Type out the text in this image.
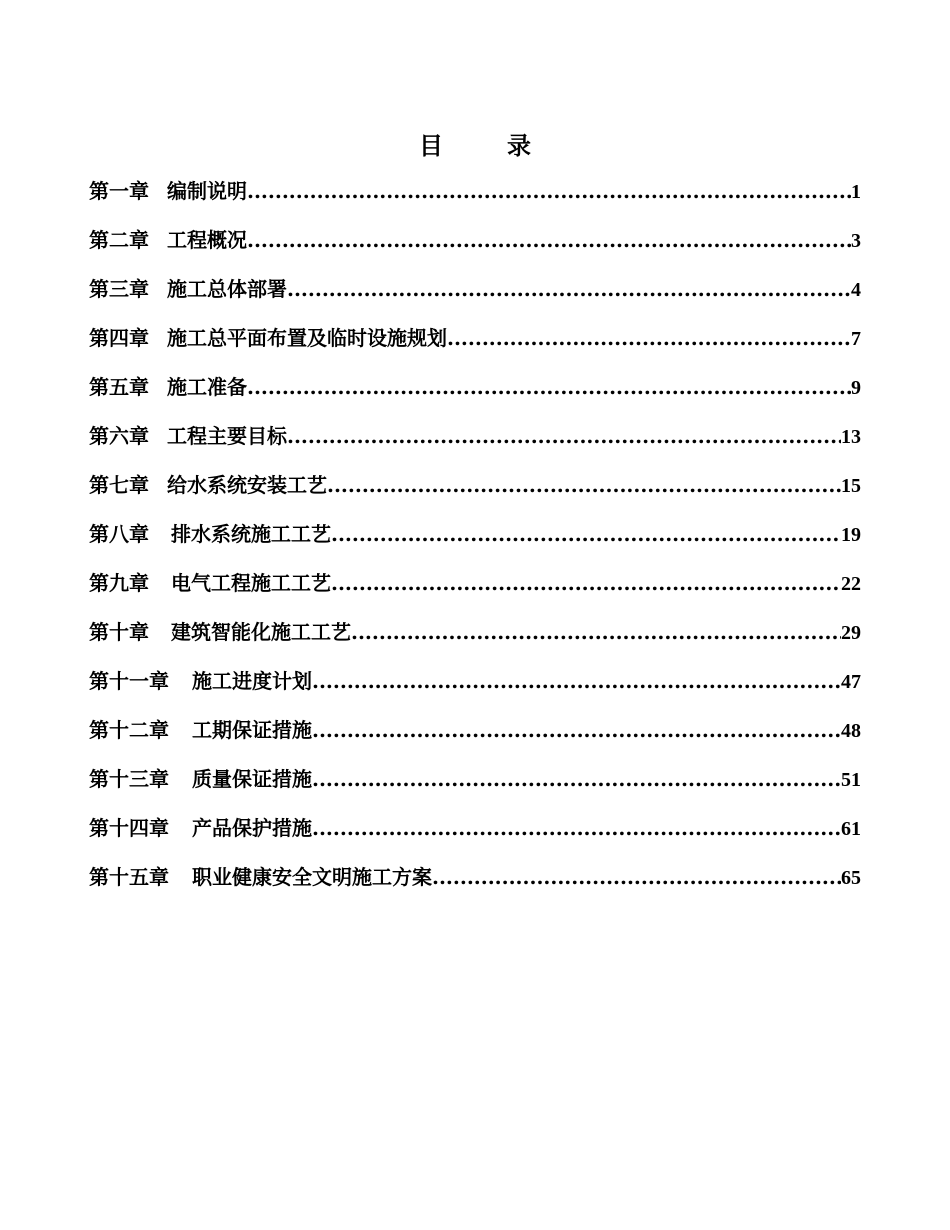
目　录
第一章 编制说明 .....	1
第二章 工程概况 .....	3
第三章 施工总体部署 .....	4
第四章 施工总平面布置及临时设施规划 .....	7
第五章 施工准备 .....	9
第六章 工程主要目标 .....	13
第七章 给水系统安装工艺 .....	15
第八章 排水系统施工工艺 .....	19
第九章 电气工程施工工艺 .....	22
第十章 建筑智能化施工工艺 .....	29
第十一章 施工进度计划 .....	47
第十二章 工期保证措施 .....	48
第十三章 质量保证措施 .....	51
第十四章 产品保护措施 .....	61
第十五章 职业健康安全文明施工方案 .....	65
